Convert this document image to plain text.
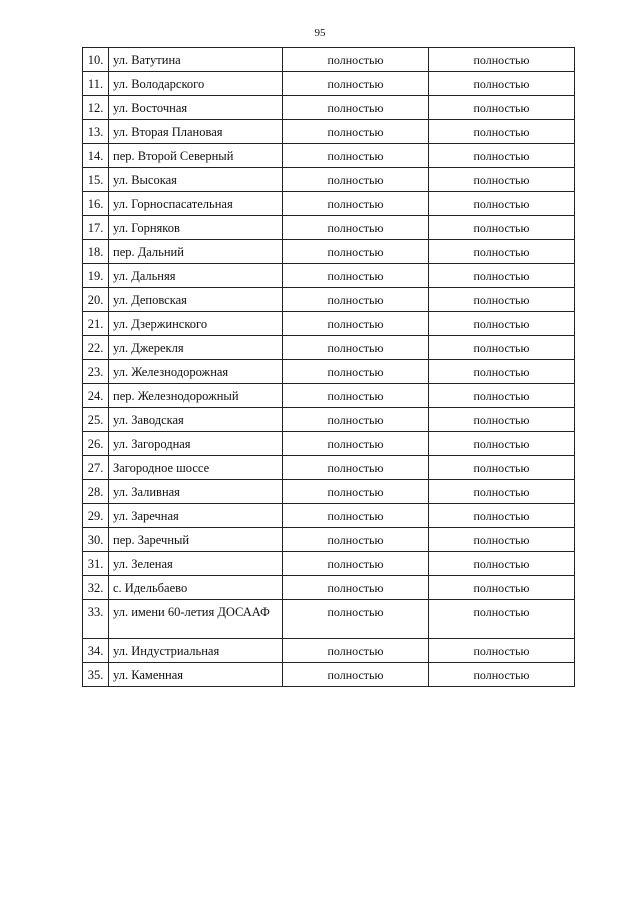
95
10.	ул. Ватутина	полностью	полностью
11.	ул. Володарского	полностью	полностью
12.	ул. Восточная	полностью	полностью
13.	ул. Вторая Плановая	полностью	полностью
14.	пер. Второй Северный	полностью	полностью
15.	ул. Высокая	полностью	полностью
16.	ул. Горноспасательная	полностью	полностью
17.	ул. Горняков	полностью	полностью
18.	пер. Дальний	полностью	полностью
19.	ул. Дальняя	полностью	полностью
20.	ул. Деповская	полностью	полностью
21.	ул. Дзержинского	полностью	полностью
22.	ул. Джерекля	полностью	полностью
23.	ул. Железнодорожная	полностью	полностью
24.	пер. Железнодорожный	полностью	полностью
25.	ул. Заводская	полностью	полностью
26.	ул. Загородная	полностью	полностью
27.	Загородное шоссе	полностью	полностью
28.	ул. Заливная	полностью	полностью
29.	ул. Заречная	полностью	полностью
30.	пер. Заречный	полностью	полностью
31.	ул. Зеленая	полностью	полностью
32.	с. Идельбаево	полностью	полностью
33.	ул. имени 60-летия ДОСААФ	полностью	полностью
34.	ул. Индустриальная	полностью	полностью
35.	ул. Каменная	полностью	полностью
